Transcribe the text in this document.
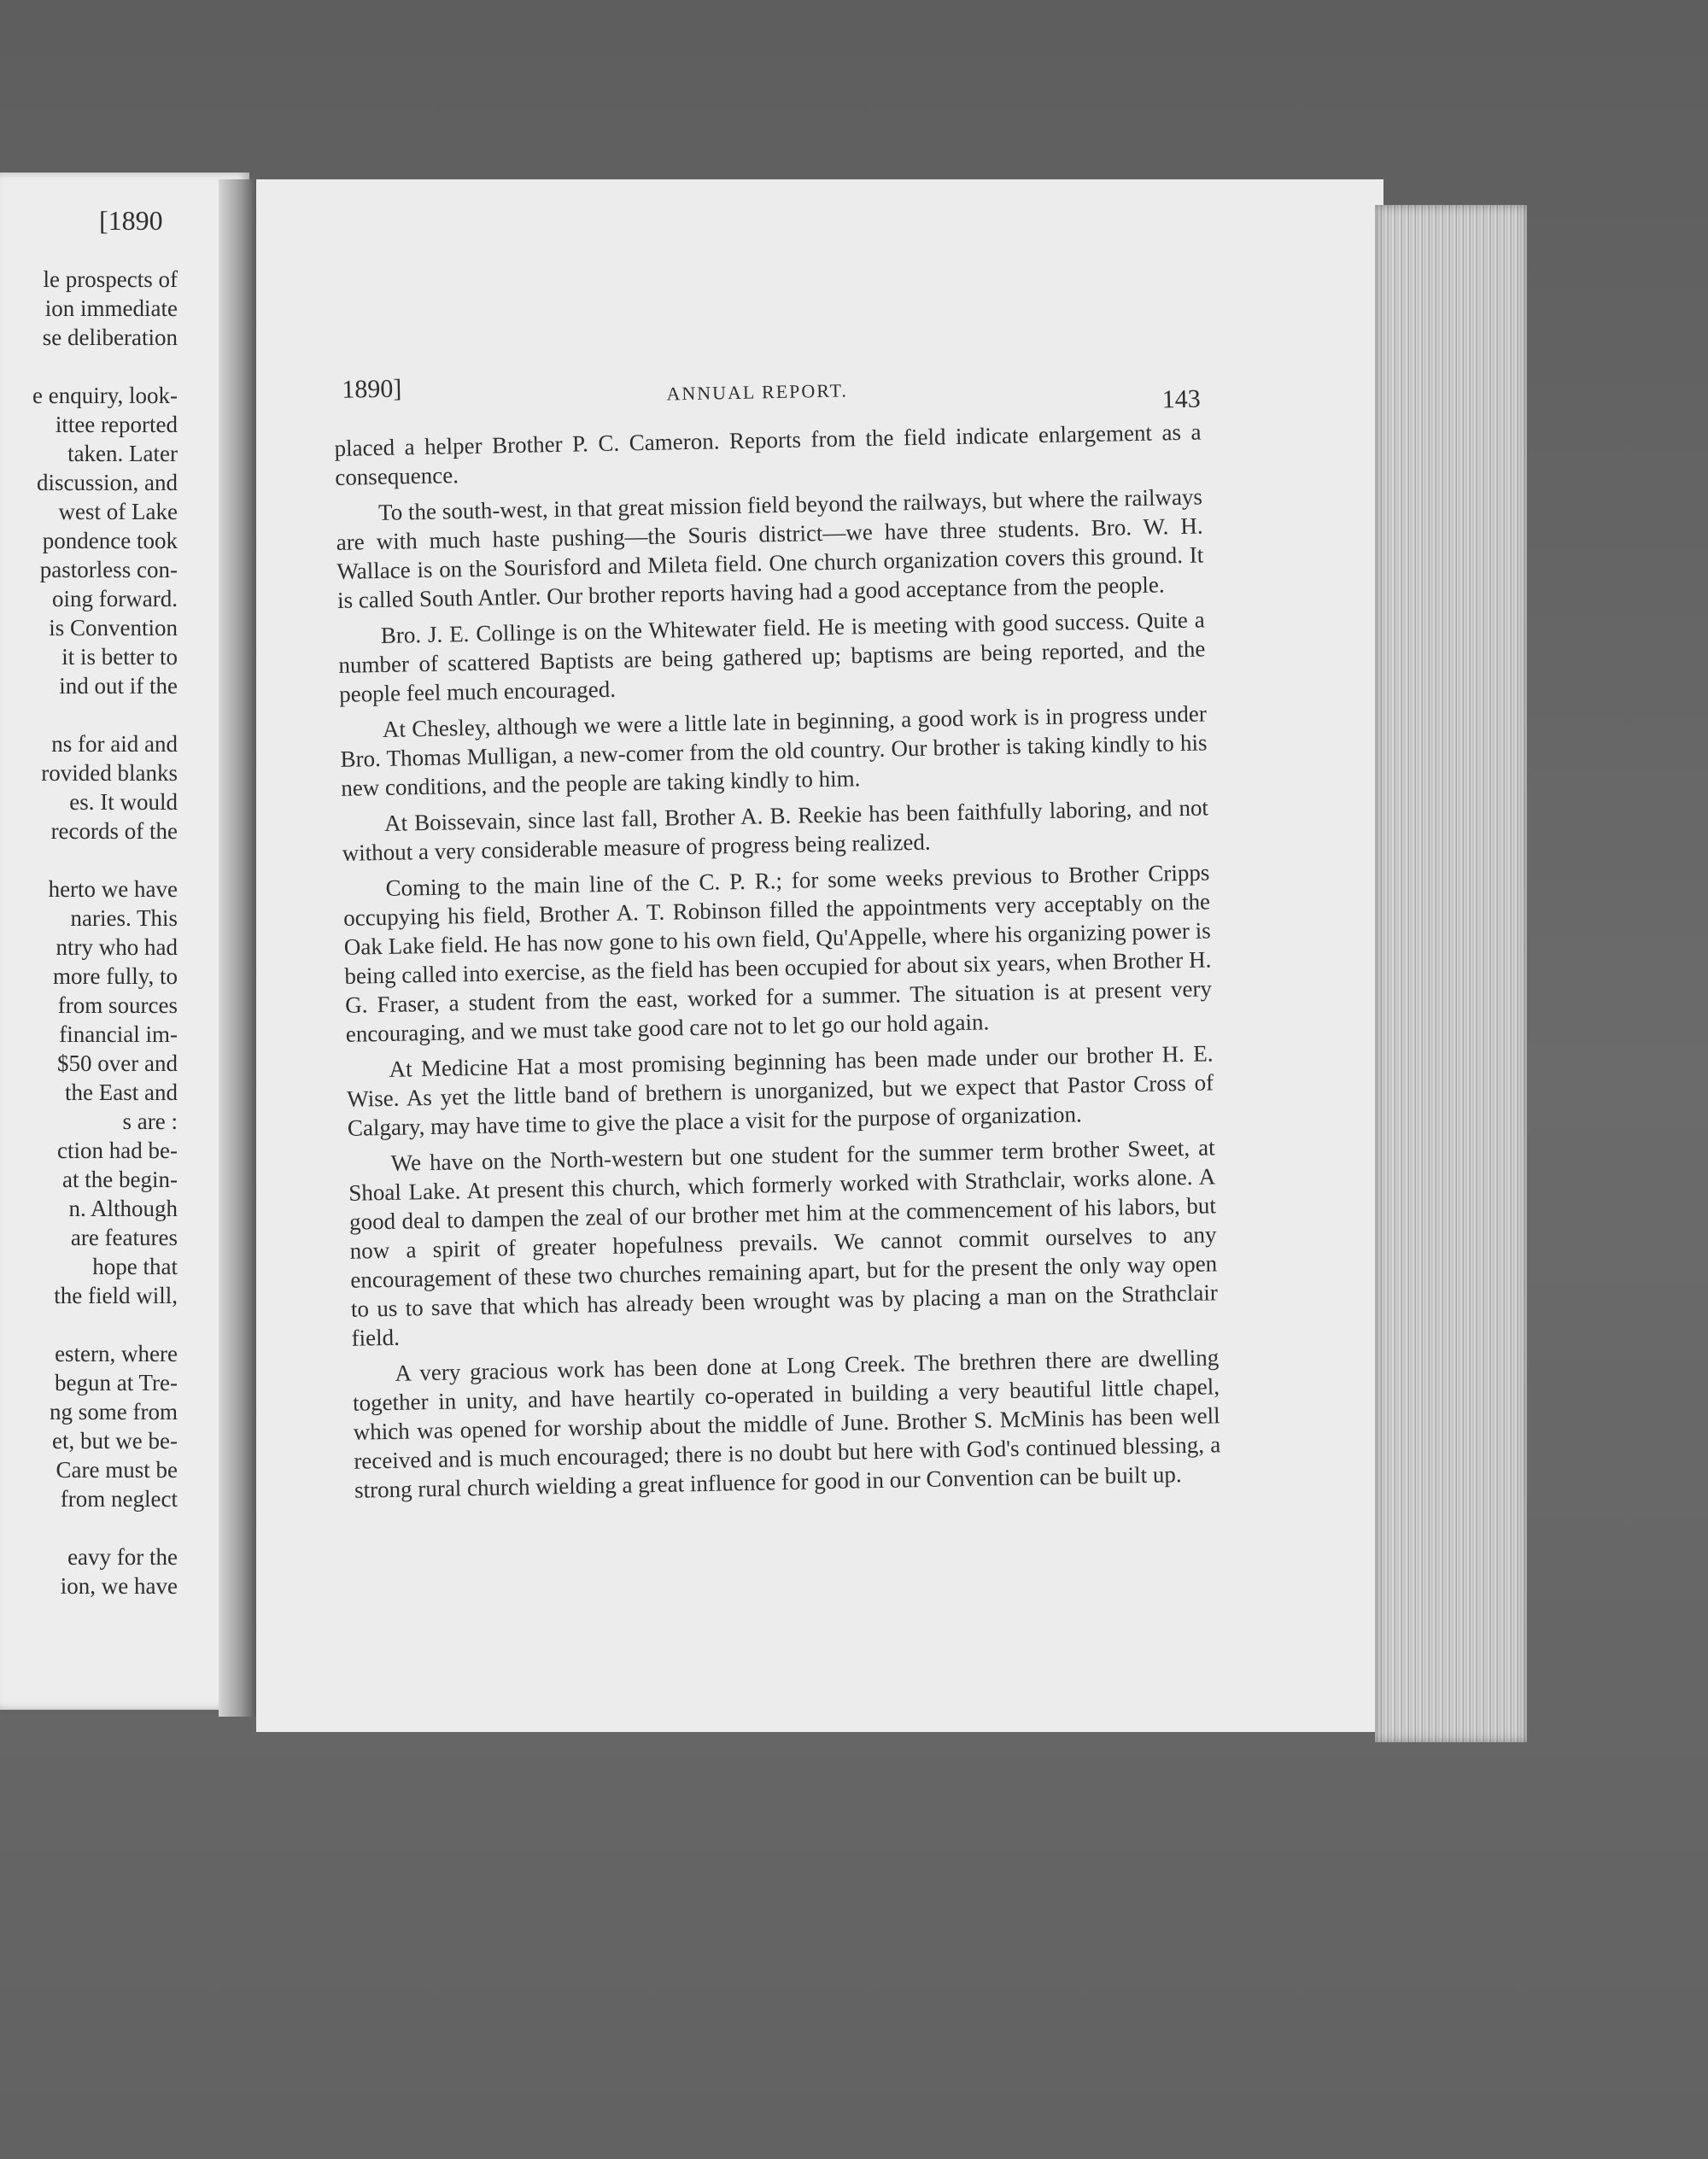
[1890
le prospects of
ion immediate
se deliberation
e enquiry, look-
ittee reported
taken. Later
discussion, and
west of Lake
pondence took
pastorless con-
oing forward.
is Convention
it is better to
ind out if the
ns for aid and
rovided blanks
es. It would
records of the
herto we have
naries. This
ntry who had
more fully, to
from sources
financial im-
$50 over and
the East and
s are :
ction had be-
at the begin-
n. Although
are features
hope that
the field will,
estern, where
begun at Tre-
ng some from
et, but we be-
Care must be
from neglect
eavy for the
ion, we have
1890]	ANNUAL REPORT.	143

placed a helper Brother P. C. Cameron. Reports from the field indicate enlargement as a consequence.

To the south-west, in that great mission field beyond the railways, but where the railways are with much haste pushing—the Souris district—we have three students. Bro. W. H. Wallace is on the Sourisford and Mileta field. One church organization covers this ground. It is called South Antler. Our brother reports having had a good acceptance from the people.

Bro. J. E. Collinge is on the Whitewater field. He is meeting with good success. Quite a number of scattered Baptists are being gathered up; baptisms are being reported, and the people feel much encouraged.

At Chesley, although we were a little late in beginning, a good work is in progress under Bro. Thomas Mulligan, a new-comer from the old country. Our brother is taking kindly to his new conditions, and the people are taking kindly to him.

At Boissevain, since last fall, Brother A. B. Reekie has been faithfully laboring, and not without a very considerable measure of progress being realized.

Coming to the main line of the C. P. R.; for some weeks previous to Brother Cripps occupying his field, Brother A. T. Robinson filled the appointments very acceptably on the Oak Lake field. He has now gone to his own field, Qu'Appelle, where his organizing power is being called into exercise, as the field has been occupied for about six years, when Brother H. G. Fraser, a student from the east, worked for a summer. The situation is at present very encouraging, and we must take good care not to let go our hold again.

At Medicine Hat a most promising beginning has been made under our brother H. E. Wise. As yet the little band of brethern is unorganized, but we expect that Pastor Cross of Calgary, may have time to give the place a visit for the purpose of organization.

We have on the North-western but one student for the summer term brother Sweet, at Shoal Lake. At present this church, which formerly worked with Strathclair, works alone. A good deal to dampen the zeal of our brother met him at the commencement of his labors, but now a spirit of greater hopefulness prevails. We cannot commit ourselves to any encouragement of these two churches remaining apart, but for the present the only way open to us to save that which has already been wrought was by placing a man on the Strathclair field.

A very gracious work has been done at Long Creek. The brethren there are dwelling together in unity, and have heartily co-operated in building a very beautiful little chapel, which was opened for worship about the middle of June. Brother S. McMinis has been well received and is much encouraged; there is no doubt but here with God's continued blessing, a strong rural church wielding a great influence for good in our Convention can be built up.
